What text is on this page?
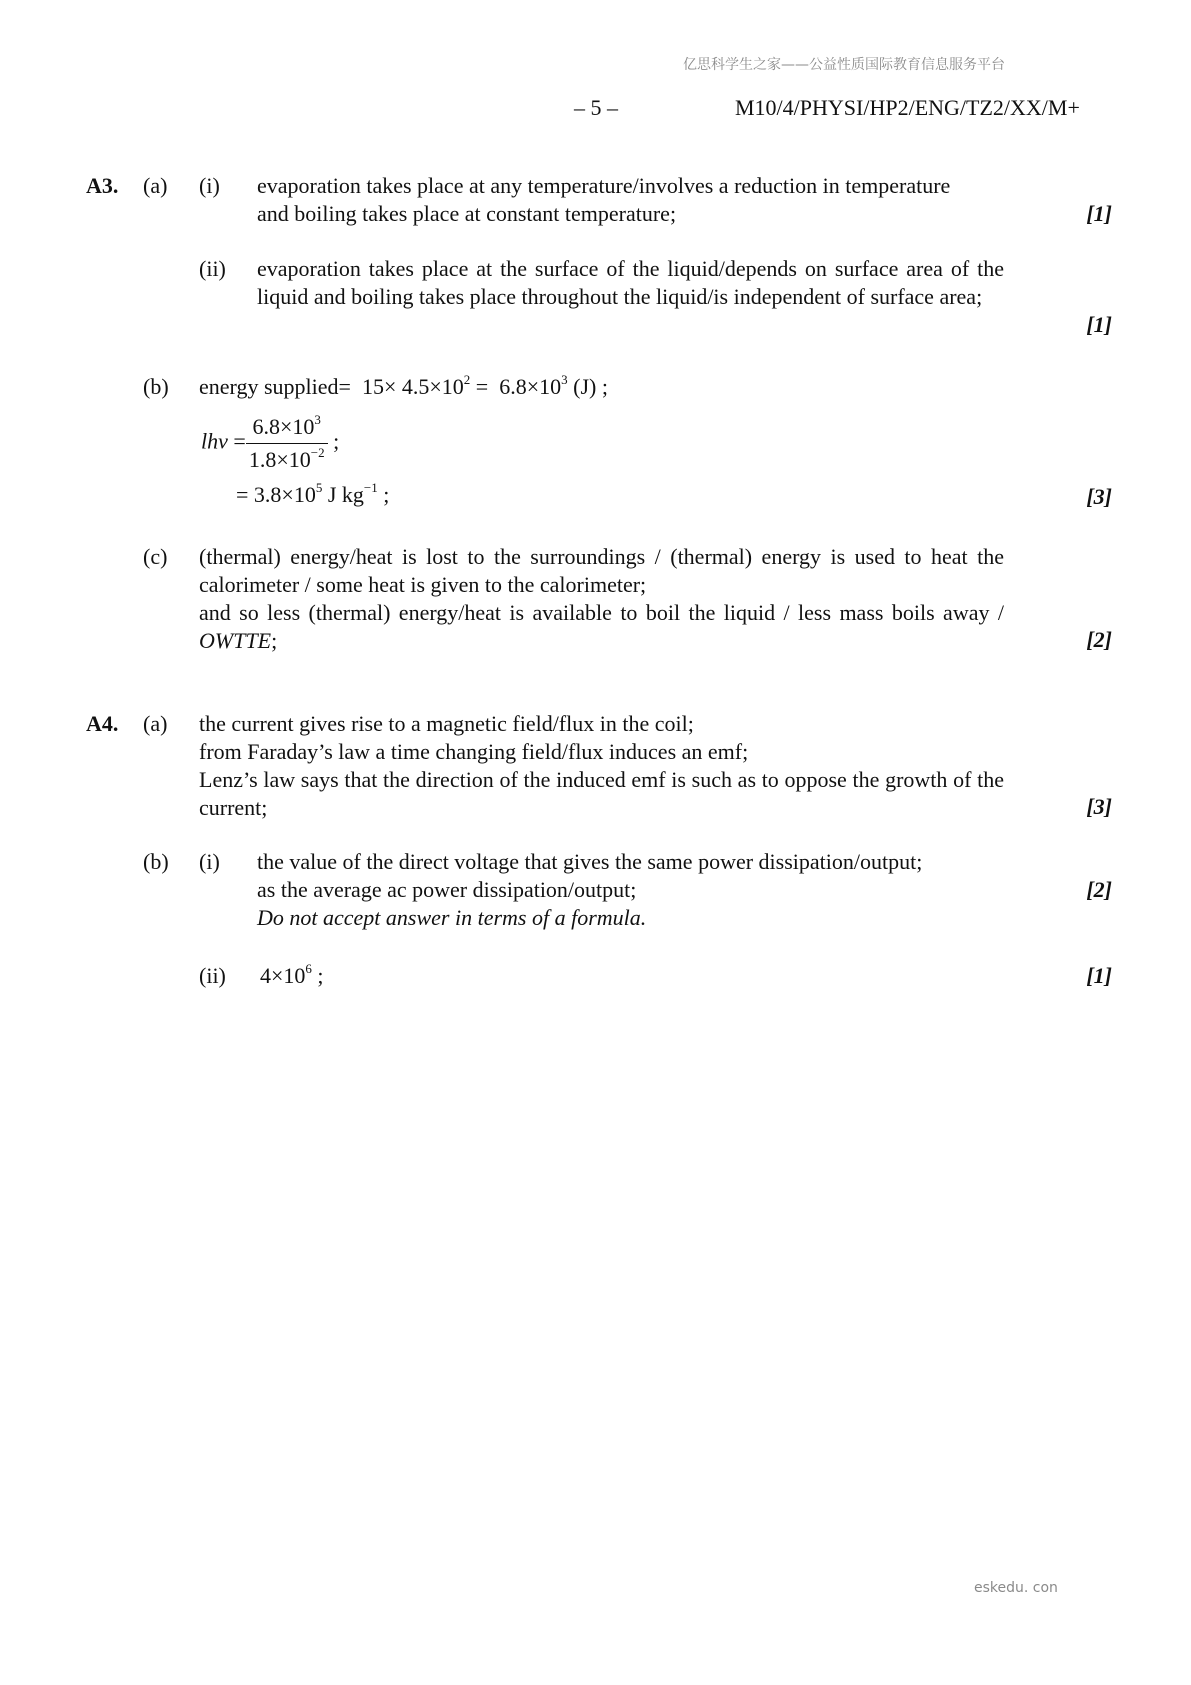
亿思科学生之家——公益性质国际教育信息服务平台
– 5 –	M10/4/PHYSI/HP2/ENG/TZ2/XX/M+
A3. (a) (i) evaporation takes place at any temperature/involves a reduction in temperature
and boiling takes place at constant temperature;	[1]
(ii) evaporation takes place at the surface of the liquid/depends on surface area of the liquid and boiling takes place throughout the liquid/is independent of surface area;
[1]
(b) energy supplied= $15\times 4.5\times 10^2 = 6.8\times 10^3$ (J) ;
lhv = $\frac{6.8\times 10^3}{1.8\times 10^{-2}}$ ;
= $3.8\times 10^5$ J $kg^{-1}$ ;	[3]
(c) (thermal) energy/heat is lost to the surroundings / (thermal) energy is used to heat the calorimeter / some heat is given to the calorimeter;
and so less (thermal) energy/heat is available to boil the liquid / less mass boils away / OWTTE;	[2]
A4. (a) the current gives rise to a magnetic field/flux in the coil;
from Faraday’s law a time changing field/flux induces an emf;
Lenz’s law says that the direction of the induced emf is such as to oppose the growth of the current;	[3]
(b) (i) the value of the direct voltage that gives the same power dissipation/output;
as the average ac power dissipation/output;
Do not accept answer in terms of a formula.
[2]
(ii) $4\times 10^6$ ;	[1]
eskedu. con
